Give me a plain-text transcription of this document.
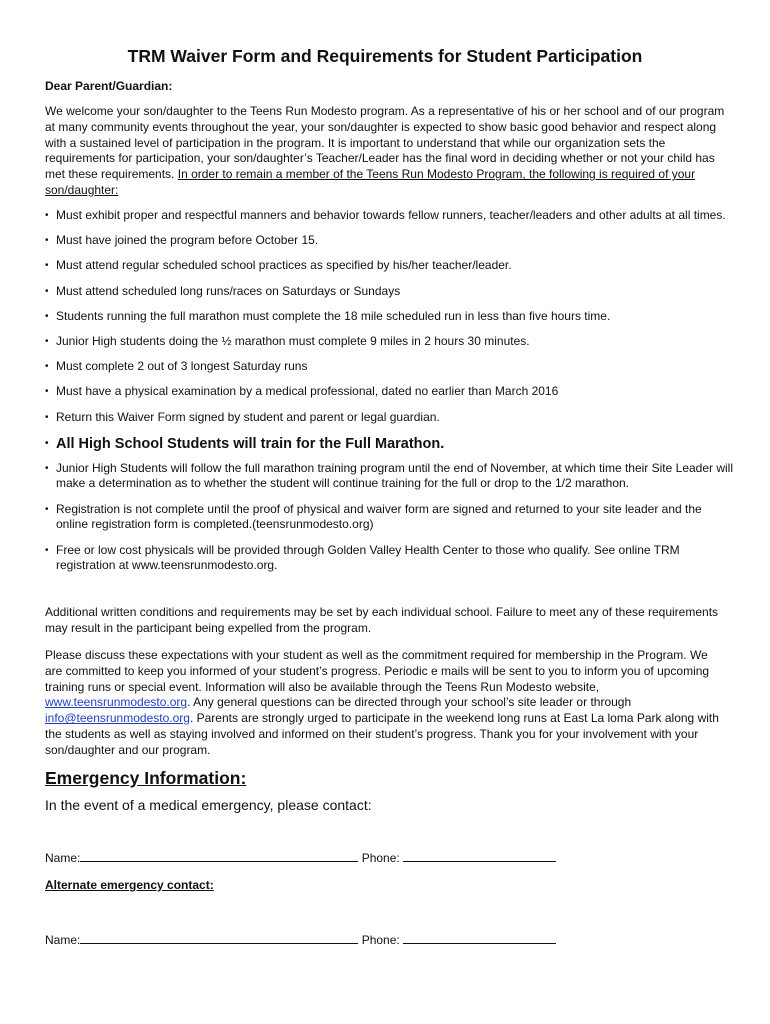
TRM Waiver Form and Requirements for Student Participation
Dear Parent/Guardian:

We welcome your son/daughter to the Teens Run Modesto program. As a representative of his or her school and of our program at many community events throughout the year, your son/daughter is expected to show basic good behavior and respect along with a sustained level of participation in the program. It is important to understand that while our organization sets the requirements for participation, your son/daughter’s Teacher/Leader has the final word in deciding whether or not your child has met these requirements. In order to remain a member of the Teens Run Modesto Program, the following is required of your son/daughter:

• Must exhibit proper and respectful manners and behavior towards fellow runners, teacher/leaders and other adults at all times.
• Must have joined the program before October 15.
• Must attend regular scheduled school practices as specified by his/her teacher/leader.
• Must attend scheduled long runs/races on Saturdays or Sundays
• Students running the full marathon must complete the 18 mile scheduled run in less than five hours time.
• Junior High students doing the ½ marathon must complete 9 miles in 2 hours 30 minutes.
• Must complete 2 out of 3 longest Saturday runs
• Must have a physical examination by a medical professional, dated no earlier than March 2016
• Return this Waiver Form signed by student and parent or legal guardian.
• All High School Students will train for the Full Marathon.
• Junior High Students will follow the full marathon training program until the end of November, at which time their Site Leader will make a determination as to whether the student will continue training for the full or drop to the 1/2 marathon.
• Registration is not complete until the proof of physical and waiver form are signed and returned to your site leader and the online registration form is completed.(teensrunmodesto.org)
• Free or low cost physicals will be provided through Golden Valley Health Center to those who qualify. See online TRM registration at www.teensrunmodesto.org.

Additional written conditions and requirements may be set by each individual school. Failure to meet any of these requirements may result in the participant being expelled from the program.

Please discuss these expectations with your student as well as the commitment required for membership in the Program. We are committed to keep you informed of your student’s progress. Periodic e mails will be sent to you to inform you of upcoming training runs or special event. Information will also be available through the Teens Run Modesto website, www.teensrunmodesto.org. Any general questions can be directed through your school’s site leader or through info@teensrunmodesto.org. Parents are strongly urged to participate in the weekend long runs at East La loma Park along with the students as well as staying involved and informed on their student’s progress. Thank you for your involvement with your son/daughter and our program.

Emergency Information:
In the event of a medical emergency, please contact:
Name:	Phone:
Alternate emergency contact:
Name:	Phone:
